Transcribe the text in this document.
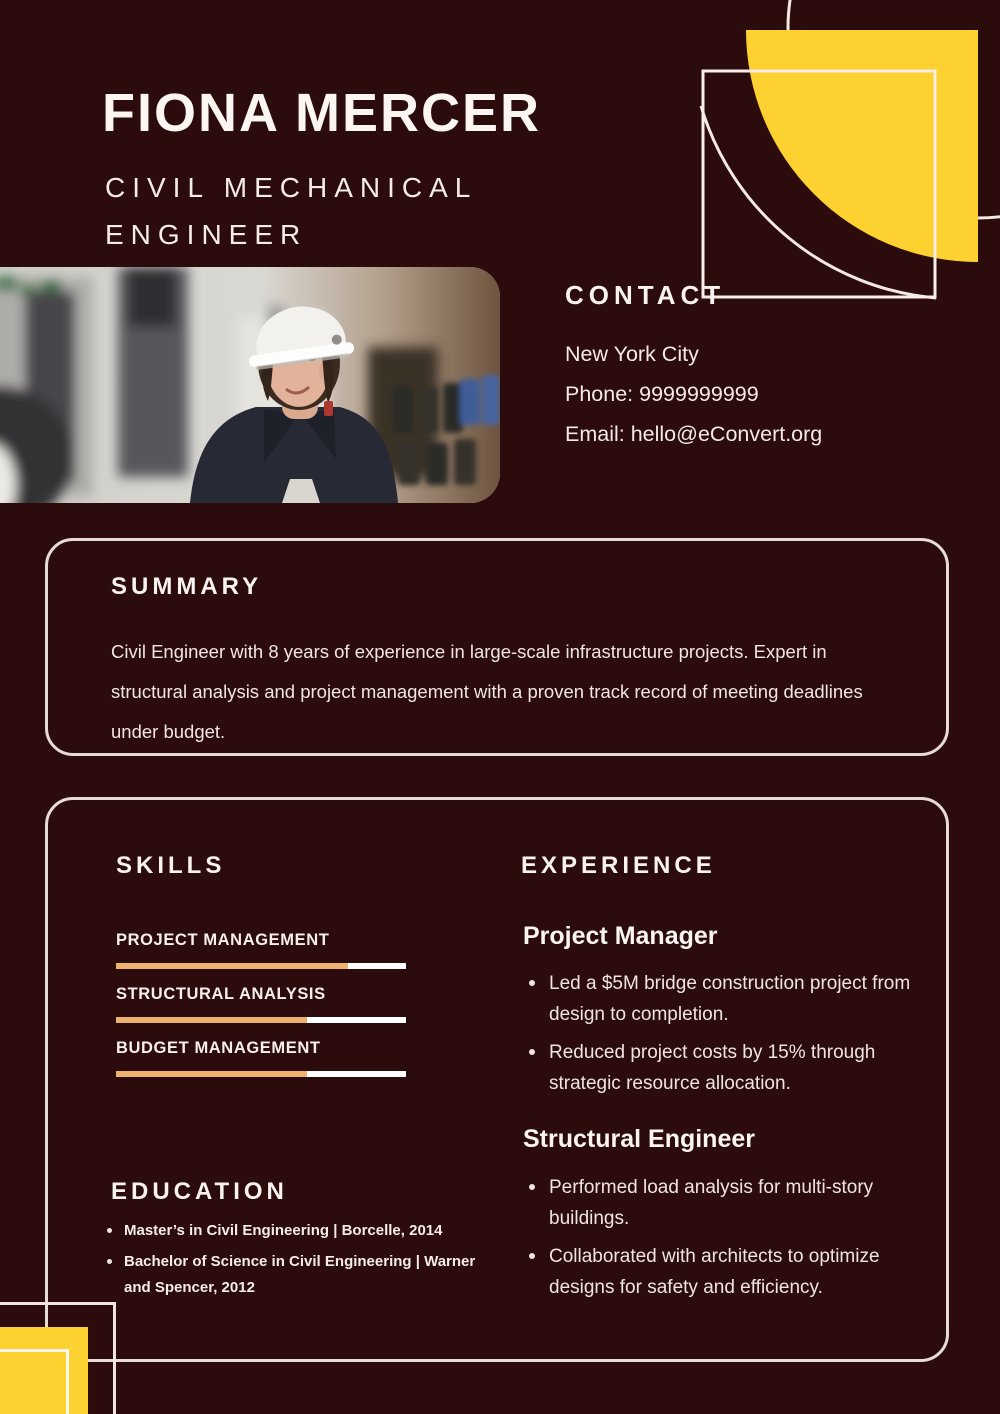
FIONA MERCER
CIVIL MECHANICAL ENGINEER
CONTACT
New York City
Phone: 9999999999
Email: hello@eConvert.org
SUMMARY

Civil Engineer with 8 years of experience in large-scale infrastructure projects. Expert in structural analysis and project management with a proven track record of meeting deadlines under budget.

SKILLS
PROJECT MANAGEMENT
STRUCTURAL ANALYSIS
BUDGET MANAGEMENT
EDUCATION
Master’s in Civil Engineering | Borcelle, 2014
Bachelor of Science in Civil Engineering | Warner and Spencer, 2012
EXPERIENCE
Project Manager
Led a $5M bridge construction project from design to completion.
Reduced project costs by 15% through strategic resource allocation.
Structural Engineer
Performed load analysis for multi-story buildings.
Collaborated with architects to optimize designs for safety and efficiency.
